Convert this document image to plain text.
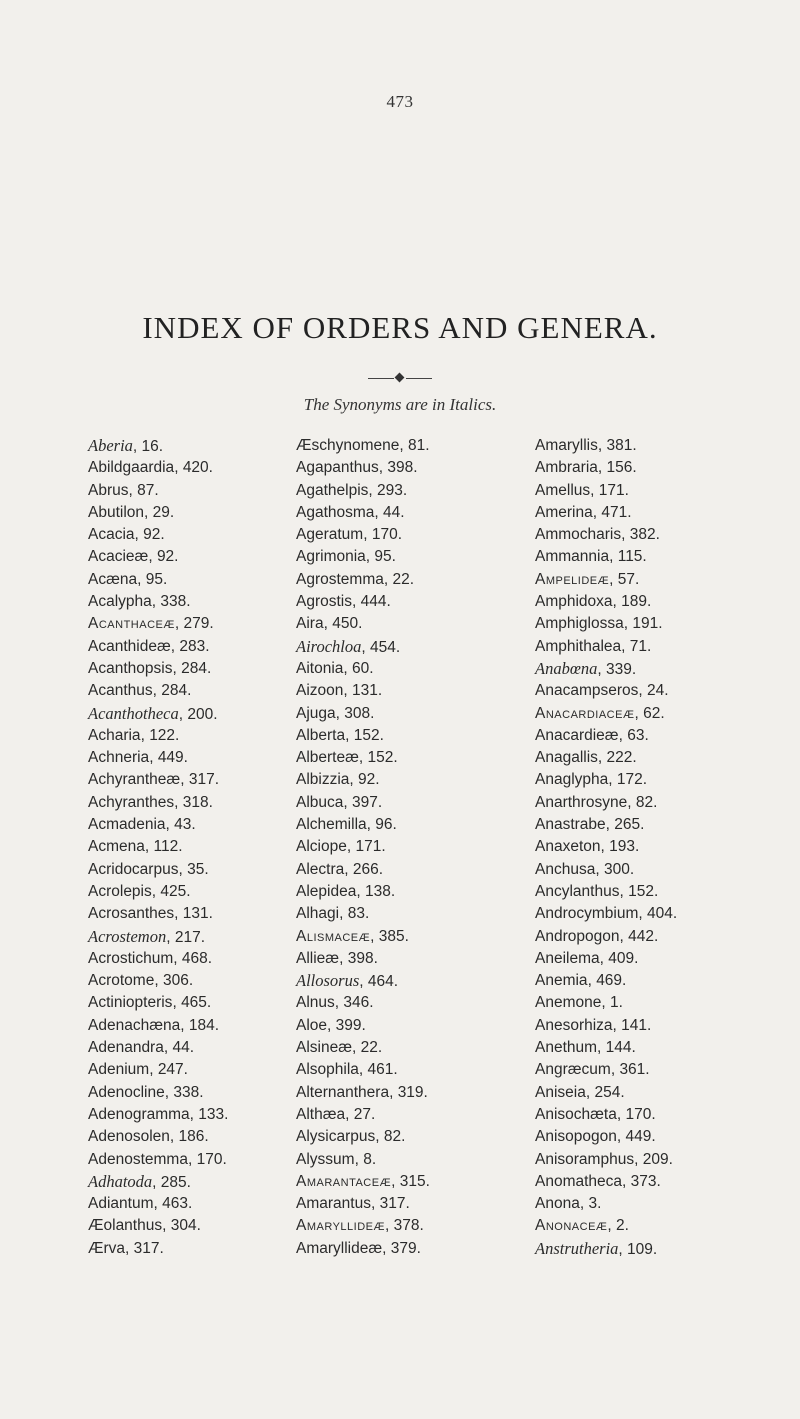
473
INDEX OF ORDERS AND GENERA.
The Synonyms are in Italics.
Aberia, 16.
Abildgaardia, 420.
Abrus, 87.
Abutilon, 29.
Acacia, 92.
Acacieæ, 92.
Acæna, 95.
Acalypha, 338.
Acanthaceæ, 279.
Acanthideæ, 283.
Acanthopsis, 284.
Acanthus, 284.
Acanthotheca, 200.
Acharia, 122.
Achneria, 449.
Achyrantheæ, 317.
Achyranthes, 318.
Acmadenia, 43.
Acmena, 112.
Acridocarpus, 35.
Acrolepis, 425.
Acrosanthes, 131.
Acrostemon, 217.
Acrostichum, 468.
Acrotome, 306.
Actiniopteris, 465.
Adenachæna, 184.
Adenandra, 44.
Adenium, 247.
Adenocline, 338.
Adenogramma, 133.
Adenosolen, 186.
Adenostemma, 170.
Adhatoda, 285.
Adiantum, 463.
Æolanthus, 304.
Ærva, 317.
Æschynomene, 81.
Agapanthus, 398.
Agathelpis, 293.
Agathosma, 44.
Ageratum, 170.
Agrimonia, 95.
Agrostemma, 22.
Agrostis, 444.
Aira, 450.
Airochloa, 454.
Aitonia, 60.
Aizoon, 131.
Ajuga, 308.
Alberta, 152.
Alberteæ, 152.
Albizzia, 92.
Albuca, 397.
Alchemilla, 96.
Alciope, 171.
Alectra, 266.
Alepidea, 138.
Alhagi, 83.
Alismaceæ, 385.
Allieæ, 398.
Allosorus, 464.
Alnus, 346.
Aloe, 399.
Alsineæ, 22.
Alsophila, 461.
Alternanthera, 319.
Althæa, 27.
Alysicarpus, 82.
Alyssum, 8.
Amarantaceæ, 315.
Amarantus, 317.
Amaryllideæ, 378.
Amaryllideæ, 379.
Amaryllis, 381.
Ambraria, 156.
Amellus, 171.
Amerina, 471.
Ammocharis, 382.
Ammannia, 115.
Ampelideæ, 57.
Amphidoxa, 189.
Amphiglossa, 191.
Amphithalea, 71.
Anabœna, 339.
Anacampseros, 24.
Anacardiaceæ, 62.
Anacardieæ, 63.
Anagallis, 222.
Anaglypha, 172.
Anarthrosyne, 82.
Anastrabe, 265.
Anaxeton, 193.
Anchusa, 300.
Ancylanthus, 152.
Androcymbium, 404.
Andropogon, 442.
Aneilema, 409.
Anemia, 469.
Anemone, 1.
Anesorhiza, 141.
Anethum, 144.
Angræcum, 361.
Aniseia, 254.
Anisochæta, 170.
Anisopogon, 449.
Anisoramphus, 209.
Anomatheca, 373.
Anona, 3.
Anonaceæ, 2.
Anstrutheria, 109.
